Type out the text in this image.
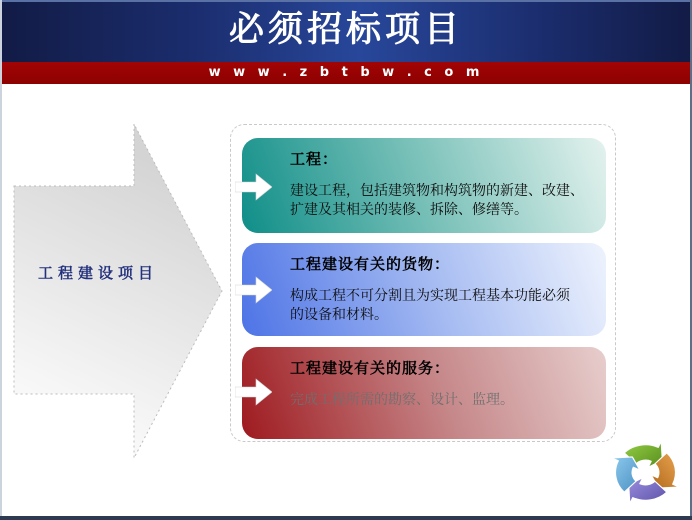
必须招标项目
w w w . z b t b w . c o m
工程建设项目
工程：
建设工程，包括建筑物和构筑物的新建、改建、
扩建及其相关的装修、拆除、修缮等。
工程建设有关的货物：
构成工程不可分割且为实现工程基本功能必须
的设备和材料。
工程建设有关的服务：
完成工程所需的勘察、设计、监理。
